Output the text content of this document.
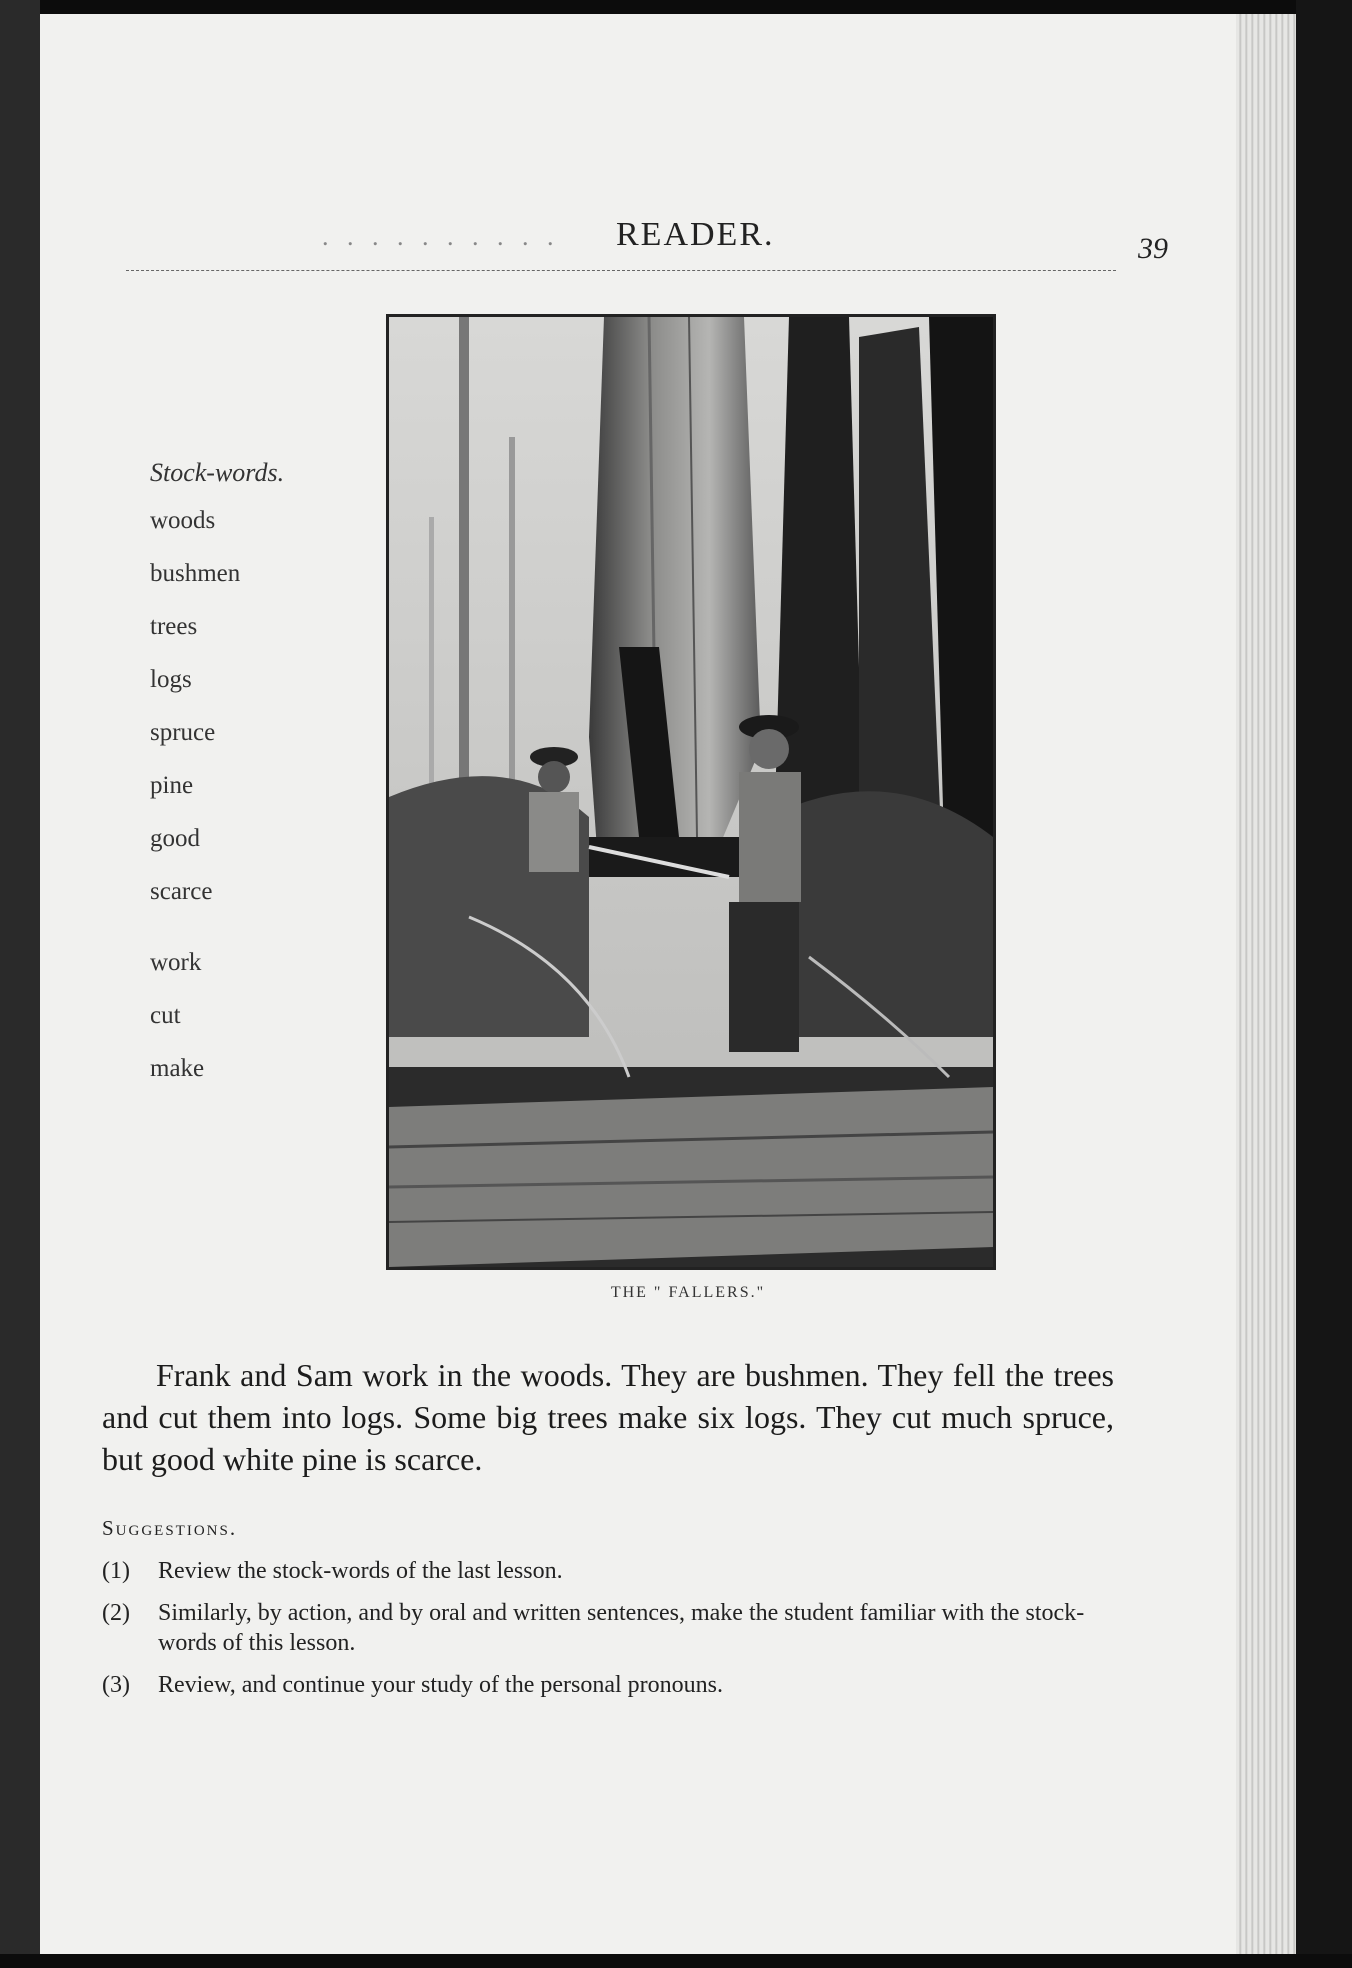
. . . . . . . . . . READER.	39
Stock-words.
woods
bushmen
trees
logs
spruce
pine
good
scarce
work
cut
make
THE " FALLERS."
Frank and Sam work in the woods. They are bushmen. They fell the trees and cut them into logs. Some big trees make six logs. They cut much spruce, but good white pine is scarce.
Suggestions.
(1) Review the stock-words of the last lesson.
(2) Similarly, by action, and by oral and written sentences, make the student familiar with the stock-words of this lesson.
(3) Review, and continue your study of the personal pronouns.
